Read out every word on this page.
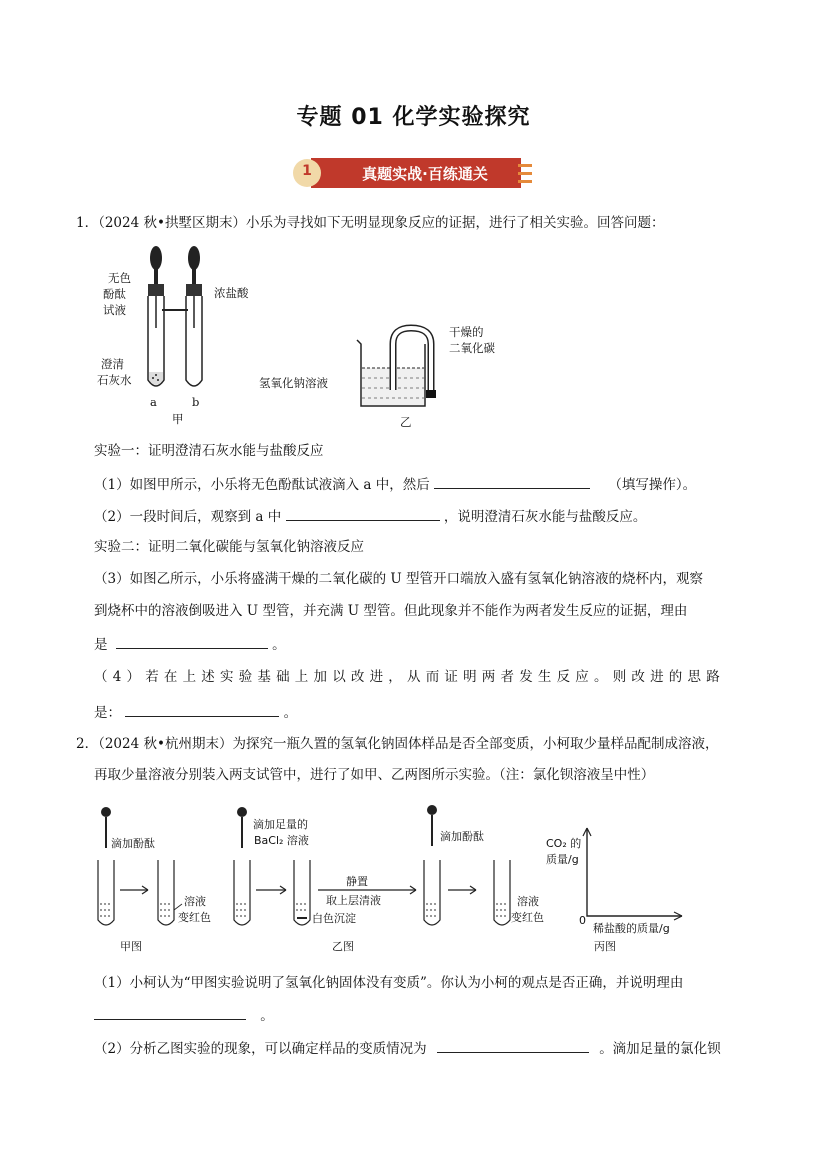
专题 01 化学实验探究
1	真题实战·百练通关
1．（2024 秋•拱墅区期末）小乐为寻找如下无明显现象反应的证据，进行了相关实验。回答问题：
无色
酚酞
试液
浓盐酸
澄清
石灰水
a	b
甲
干燥的
二氧化碳
氢氧化钠溶液
乙
实验一：证明澄清石灰水能与盐酸反应
（1）如图甲所示，小乐将无色酚酞试液滴入 a 中，然后	（填写操作）。
（2）一段时间后，观察到 a 中	，说明澄清石灰水能与盐酸反应。
实验二：证明二氧化碳能与氢氧化钠溶液反应
（3）如图乙所示，小乐将盛满干燥的二氧化碳的 U 型管开口端放入盛有氢氧化钠溶液的烧杯内，观察
到烧杯中的溶液倒吸进入 U 型管，并充满 U 型管。但此现象并不能作为两者发生反应的证据，理由
是	。
（4）若在上述实验基础上加以改进，从而证明两者发生反应。则改进的思路
是：	。
2．（2024 秋•杭州期末）为探究一瓶久置的氢氧化钠固体样品是否全部变质，小柯取少量样品配制成溶液，
再取少量溶液分别装入两支试管中，进行了如甲、乙两图所示实验。（注：氯化钡溶液呈中性）
滴加酚酞
溶液
变红色
甲图
滴加足量的
BaCl₂ 溶液
静置
取上层清液
白色沉淀
滴加酚酞
溶液
变红色
乙图
CO₂ 的
质量/g
0
稀盐酸的质量/g
丙图
（1）小柯认为“甲图实验说明了氢氧化钠固体没有变质”。你认为小柯的观点是否正确，并说明理由
。
（2）分析乙图实验的现象，可以确定样品的变质情况为	。滴加足量的氯化钡
